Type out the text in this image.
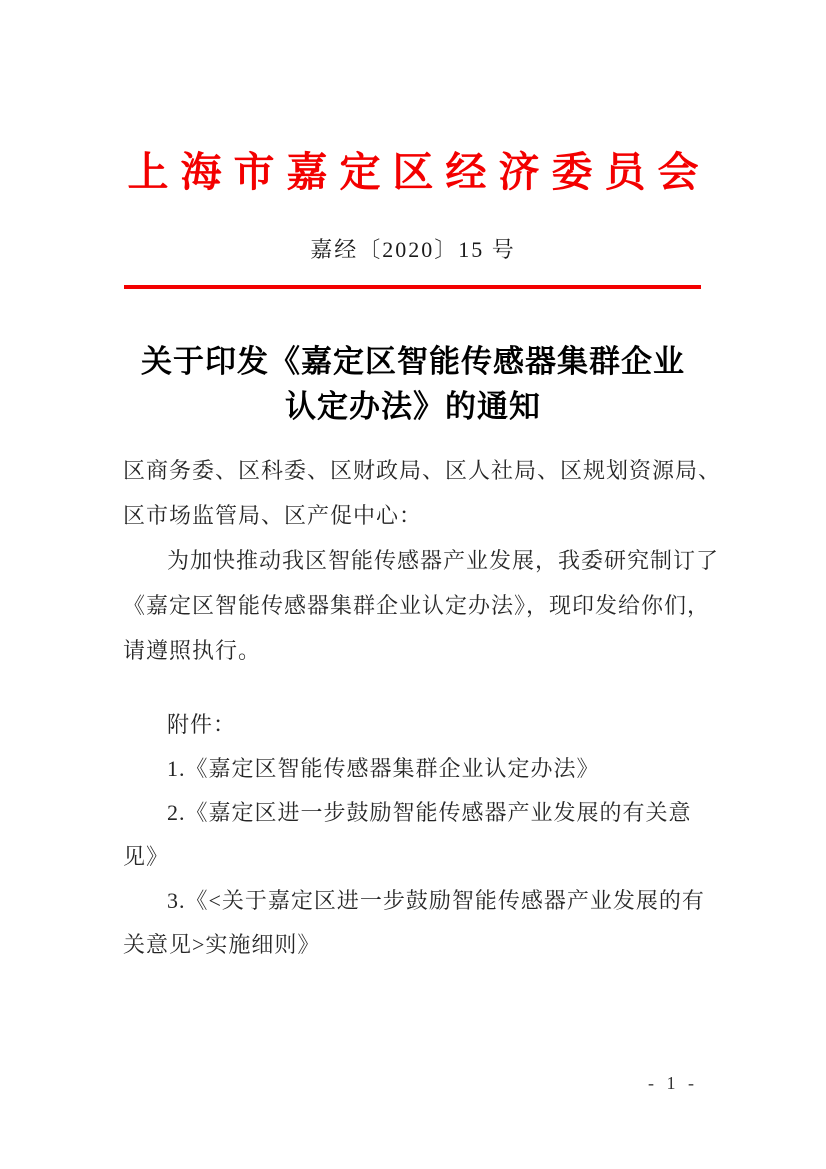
上海市嘉定区经济委员会
嘉经〔2020〕15 号
关于印发《嘉定区智能传感器集群企业
认定办法》的通知
区商务委、区科委、区财政局、区人社局、区规划资源局、
区市场监管局、区产促中心：
为加快推动我区智能传感器产业发展，我委研究制订了
《嘉定区智能传感器集群企业认定办法》，现印发给你们，
请遵照执行。
附件：
1.《嘉定区智能传感器集群企业认定办法》
2.《嘉定区进一步鼓励智能传感器产业发展的有关意
见》
3.《<关于嘉定区进一步鼓励智能传感器产业发展的有
关意见>实施细则》
- 1 -
